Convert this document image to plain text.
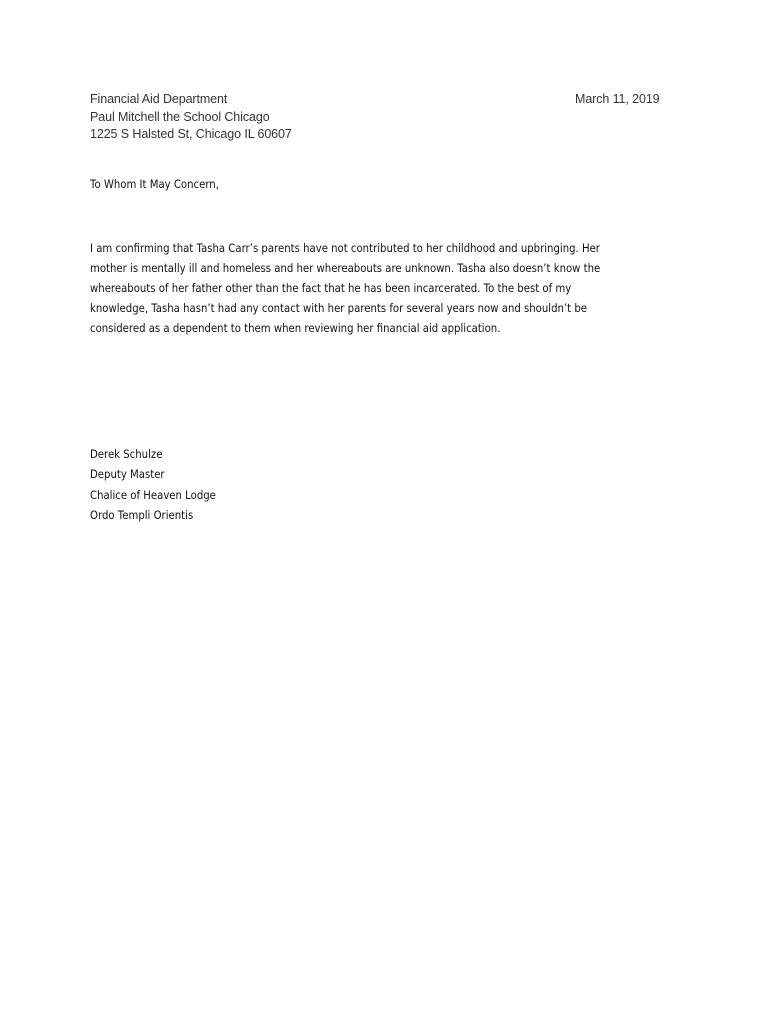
Financial Aid Department
Paul Mitchell the School Chicago
1225 S Halsted St, Chicago IL 60607
March 11, 2019
To Whom It May Concern,
I am confirming that Tasha Carr’s parents have not contributed to her childhood and upbringing. Her
mother is mentally ill and homeless and her whereabouts are unknown. Tasha also doesn’t know the
whereabouts of her father other than the fact that he has been incarcerated. To the best of my
knowledge, Tasha hasn’t had any contact with her parents for several years now and shouldn’t be
considered as a dependent to them when reviewing her financial aid application.
Derek Schulze
Deputy Master
Chalice of Heaven Lodge
Ordo Templi Orientis
